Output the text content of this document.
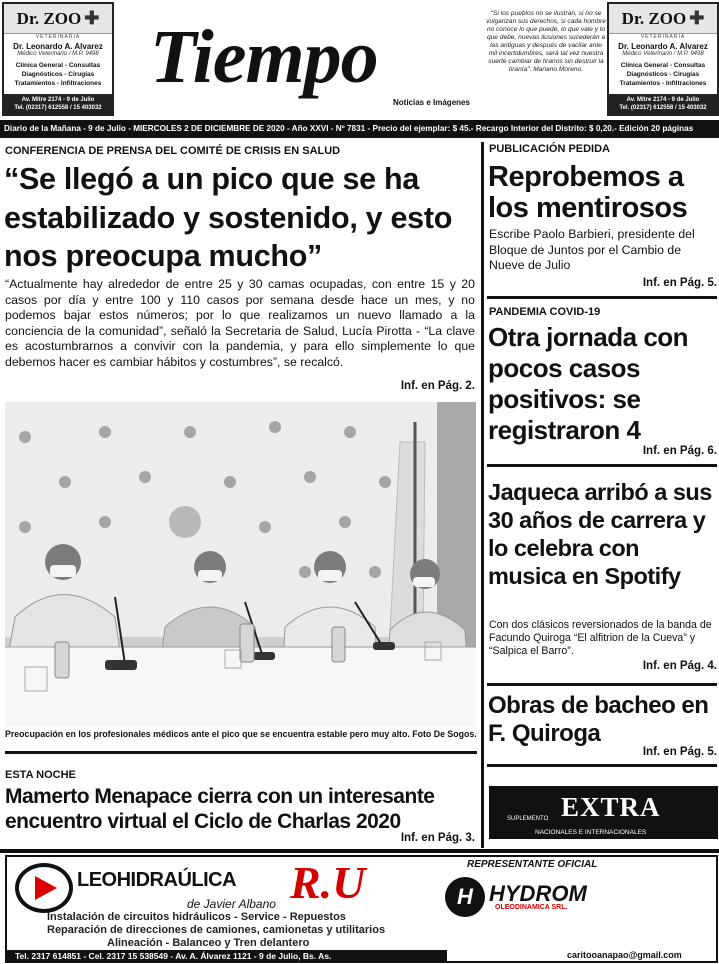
Dr. ZOO ✚
VETERINARIA
Dr. Leonardo A. Alvarez
Médico Veterinario / M.P. 9498
Clínica General - Consultas
Diagnósticos - Cirugías
Tratamientos - Infiltraciones
Av. Mitre 2174 - 9 de Julio
Tel. (02317) 612558 / 15 403032
Tiempo
Noticias e Imágenes
"Si los pueblos no se ilustran, si no se vulgarizan sus derechos, si cada hombre no conoce lo que puede, lo que vale y lo que debe, nuevas ilusiones sucederán a las antiguas y después de vacilar ante mil incertidumbres, será tal vez nuestra suerte cambiar de tiranos sin destruir la tiranía". Mariano Moreno.
Dr. ZOO ✚
VETERINARIA
Dr. Leonardo A. Alvarez
Médico Veterinario / M.P. 9498
Clínica General - Consultas
Diagnósticos - Cirugías
Tratamientos - Infiltraciones
Av. Mitre 2174 - 9 de Julio
Tel. (02317) 612558 / 15 403032
Diario de la Mañana - 9 de Julio - MIERCOLES 2 DE DICIEMBRE DE 2020 - Año XXVI - Nº 7831 - Precio del ejemplar: $ 45.- Recargo Interior del Distrito: $ 0,20.- Edición 20 páginas
CONFERENCIA DE PRENSA DEL COMITÉ DE CRISIS EN SALUD
“Se llegó a un pico que se ha estabilizado y sostenido, y esto nos preocupa mucho”
“Actualmente hay alrededor de entre 25 y 30 camas ocupadas, con entre 15 y 20 casos por día y entre 100 y 110 casos por semana desde hace un mes, y no podemos bajar estos números; por lo que realizamos un nuevo llamado a la conciencia de la comunidad”, señaló la Secretaria de Salud, Lucía Pirotta - “La clave es acostumbrarnos a convivir con la pandemia, y para ello simplemente lo que debemos hacer es cambiar hábitos y costumbres”, se recalcó.
Inf. en Pág. 2.
Preocupación en los profesionales médicos ante el pico que se encuentra estable pero muy alto. Foto De Sogos.
ESTA NOCHE
Mamerto Menapace cierra con un interesante encuentro virtual el Ciclo de Charlas 2020
Inf. en Pág. 3.
PUBLICACIÓN PEDIDA
Reprobemos a los mentirosos
Escribe Paolo Barbieri, presidente del Bloque de Juntos por el Cambio de Nueve de Julio
Inf. en Pág. 5.
PANDEMIA COVID-19
Otra jornada con pocos casos positivos: se registraron 4
Inf. en Pág. 6.
Jaqueca arribó a sus 30 años de carrera y lo celebra con musica en Spotify
Con dos clásicos reversionados de la banda de Facundo Quiroga “El alfitrion de la Cueva” y “Salpica el Barro”.
Inf. en Pág. 4.
Obras de bacheo en F. Quiroga
Inf. en Pág. 5.
EXTRA
SUPLEMENTO
NACIONALES E INTERNACIONALES
LEOHIDRAÚLICA R.U
de Javier Albano
REPRESENTANTE OFICIAL
H HYDROM
OLEODINAMICA SRL.
Instalación de circuitos hidráulicos - Service - Repuestos
Reparación de direcciones de camiones, camionetas y utilitarios
Alineación - Balanceo y Tren delantero
Tel. 2317 614851 - Cel. 2317 15 538549 - Av. A. Álvarez 1121 - 9 de Julio, Bs. As.	caritooanapao@gmail.com
